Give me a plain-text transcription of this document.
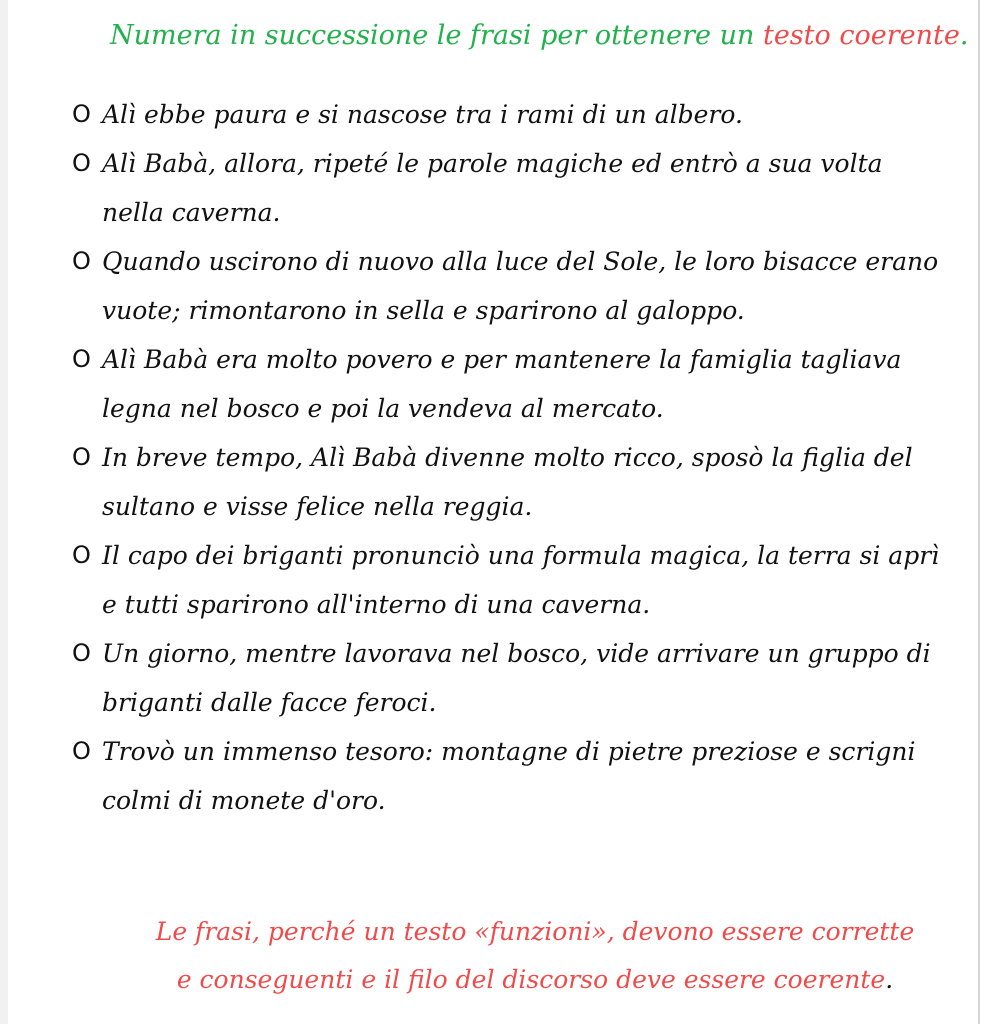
Numera in successione le frasi per ottenere un testo coerente.
O Alì ebbe paura e si nascose tra i rami di un albero.
O Alì Babà, allora, ripeté le parole magiche ed entrò a sua volta nella caverna.
O Quando uscirono di nuovo alla luce del Sole, le loro bisacce erano vuote; rimontarono in sella e sparirono al galoppo.
O Alì Babà era molto povero e per mantenere la famiglia tagliava legna nel bosco e poi la vendeva al mercato.
O In breve tempo, Alì Babà divenne molto ricco, sposò la figlia del sultano e visse felice nella reggia.
O Il capo dei briganti pronunciò una formula magica, la terra si aprì e tutti sparirono all'interno di una caverna.
O Un giorno, mentre lavorava nel bosco, vide arrivare un gruppo di briganti dalle facce feroci.
O Trovò un immenso tesoro: montagne di pietre preziose e scrigni colmi di monete d'oro.
Le frasi, perché un testo «funzioni», devono essere corrette
e conseguenti e il filo del discorso deve essere coerente.
